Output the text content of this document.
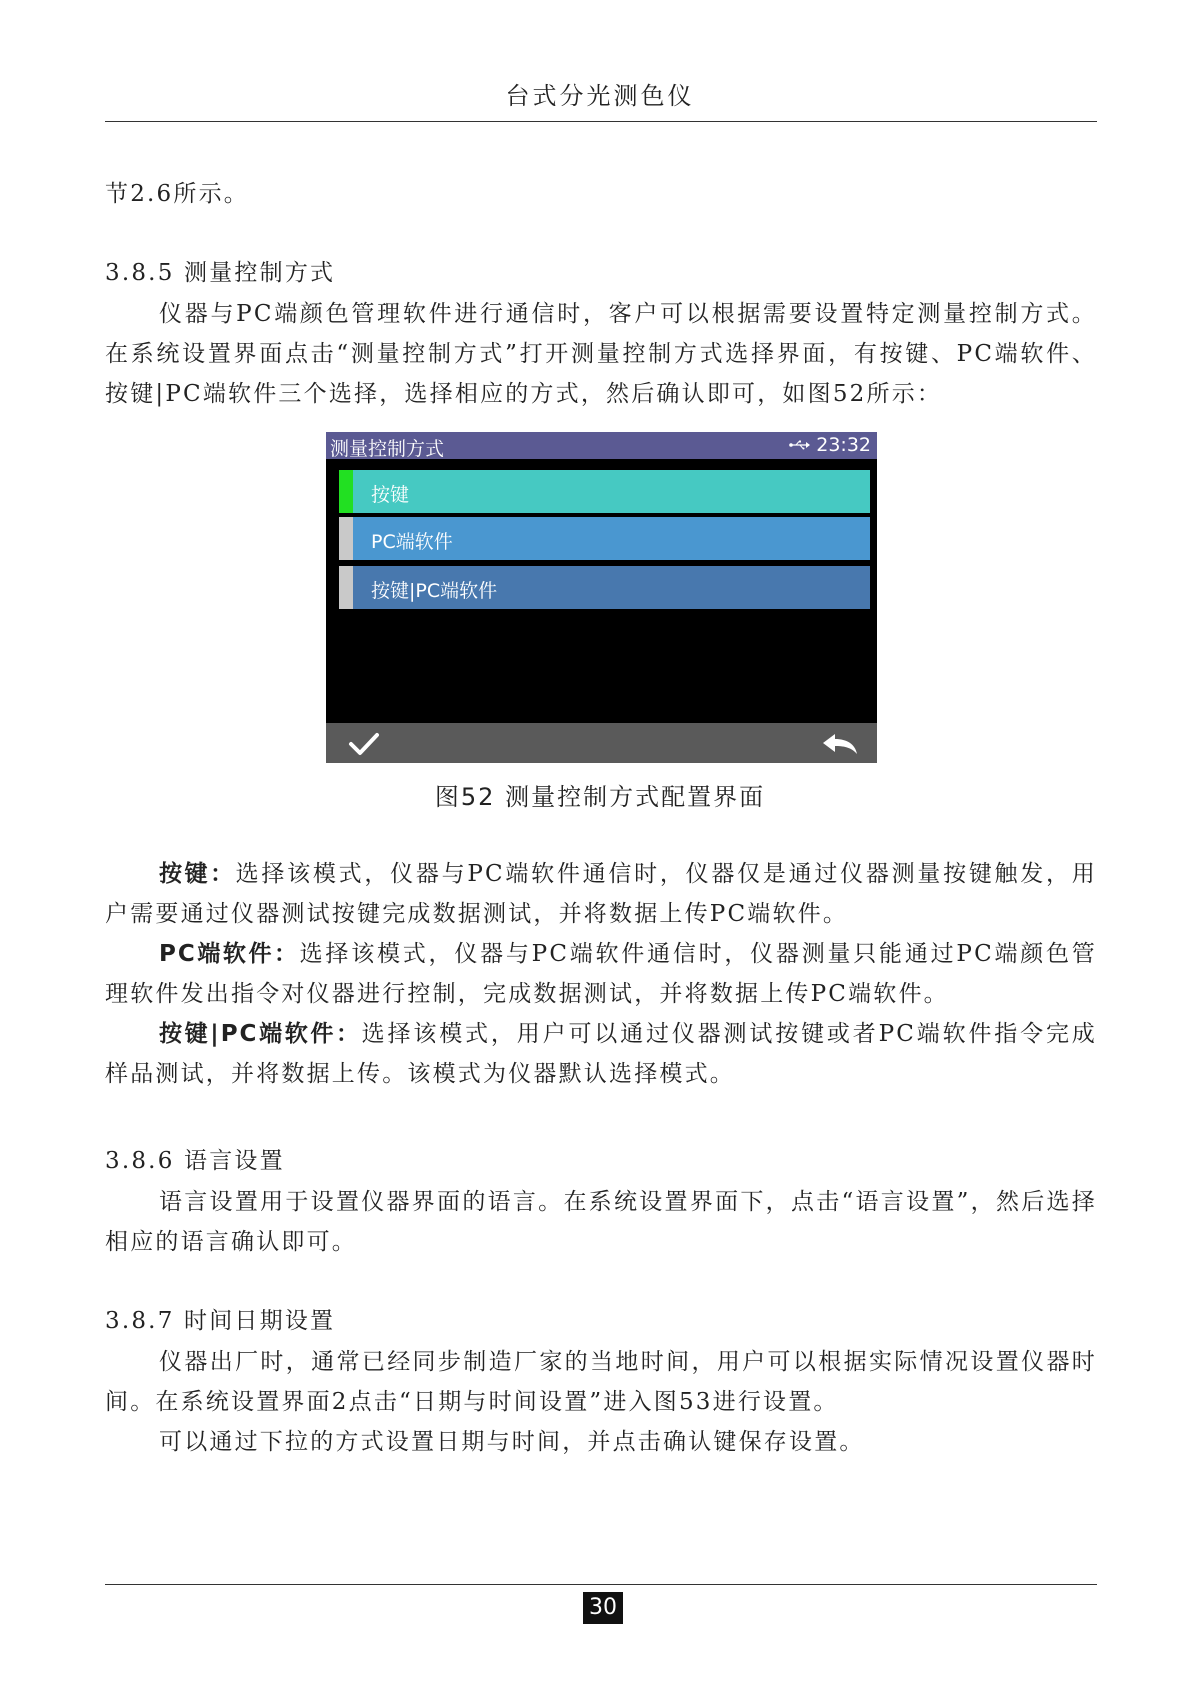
台式分光测色仪
节2.6所示。
3.8.5 测量控制方式
仪器与PC端颜色管理软件进行通信时，客户可以根据需要设置特定测量控制方式。在系统设置界面点击“测量控制方式”打开测量控制方式选择界面，有按键、PC端软件、按键|PC端软件三个选择，选择相应的方式，然后确认即可，如图52所示：
测量控制方式	23:32
按键
PC端软件
按键|PC端软件
图52 测量控制方式配置界面
按键：选择该模式，仪器与PC端软件通信时，仪器仅是通过仪器测量按键触发，用户需要通过仪器测试按键完成数据测试，并将数据上传PC端软件。
PC端软件：选择该模式，仪器与PC端软件通信时，仪器测量只能通过PC端颜色管理软件发出指令对仪器进行控制，完成数据测试，并将数据上传PC端软件。
按键|PC端软件：选择该模式，用户可以通过仪器测试按键或者PC端软件指令完成样品测试，并将数据上传。该模式为仪器默认选择模式。
3.8.6 语言设置
语言设置用于设置仪器界面的语言。在系统设置界面下，点击“语言设置”，然后选择相应的语言确认即可。
3.8.7 时间日期设置
仪器出厂时，通常已经同步制造厂家的当地时间，用户可以根据实际情况设置仪器时间。在系统设置界面2点击“日期与时间设置”进入图53进行设置。
可以通过下拉的方式设置日期与时间，并点击确认键保存设置。
30
